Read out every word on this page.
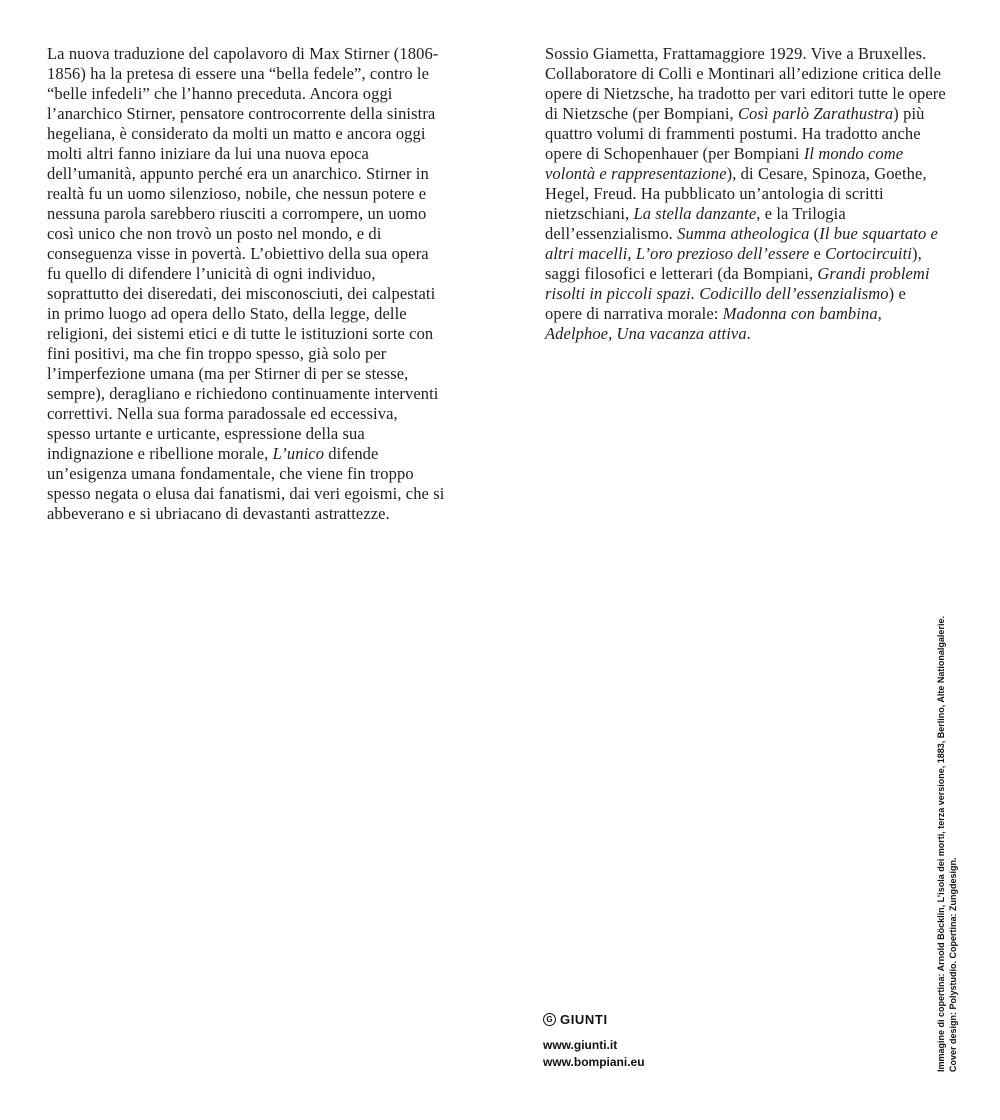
La nuova traduzione del capolavoro di Max Stirner (1806-1856) ha la pretesa di essere una “bella fedele”, contro le “belle infedeli” che l’hanno preceduta. Ancora oggi l’anarchico Stirner, pensatore controcorrente della sinistra hegeliana, è considerato da molti un matto e ancora oggi molti altri fanno iniziare da lui una nuova epoca dell’umanità, appunto perché era un anarchico. Stirner in realtà fu un uomo silenzioso, nobile, che nessun potere e nessuna parola sarebbero riusciti a corrompere, un uomo così unico che non trovò un posto nel mondo, e di conseguenza visse in povertà. L’obiettivo della sua opera fu quello di difendere l’unicità di ogni individuo, soprattutto dei diseredati, dei misconosciuti, dei calpestati in primo luogo ad opera dello Stato, della legge, delle religioni, dei sistemi etici e di tutte le istituzioni sorte con fini positivi, ma che fin troppo spesso, già solo per l’imperfezione umana (ma per Stirner di per se stesse, sempre), deragliano e richiedono continuamente interventi correttivi. Nella sua forma paradossale ed eccessiva, spesso urtante e urticante, espressione della sua indignazione e ribellione morale, L’unico difende un’esigenza umana fondamentale, che viene fin troppo spesso negata o elusa dai fanatismi, dai veri egoismi, che si abbeverano e si ubriacano di devastanti astrattezze.
Sossio Giametta, Frattamaggiore 1929. Vive a Bruxelles. Collaboratore di Colli e Montinari all’edizione critica delle opere di Nietzsche, ha tradotto per vari editori tutte le opere di Nietzsche (per Bompiani, Così parlò Zarathustra) più quattro volumi di frammenti postumi. Ha tradotto anche opere di Schopenhauer (per Bompiani Il mondo come volontà e rappresentazione), di Cesare, Spinoza, Goethe, Hegel, Freud. Ha pubblicato un’antologia di scritti nietzschiani, La stella danzante, e la Trilogia dell’essenzialismo. Summa atheologica (Il bue squartato e altri macelli, L’oro prezioso dell’essere e Cortocircuiti), saggi filosofici e letterari (da Bompiani, Grandi problemi risolti in piccoli spazi. Codicillo dell’essenzialismo) e opere di narrativa morale: Madonna con bambina, Adelphoe, Una vacanza attiva.
Immagine di copertina: Arnold Böcklin, L’isola dei morti, terza versione, 1883, Berlino, Alte Nationalgalerie. Cover design: Polystudio. Copertina: Zungdesign.
G GIUNTI
www.giunti.it
www.bompiani.eu
